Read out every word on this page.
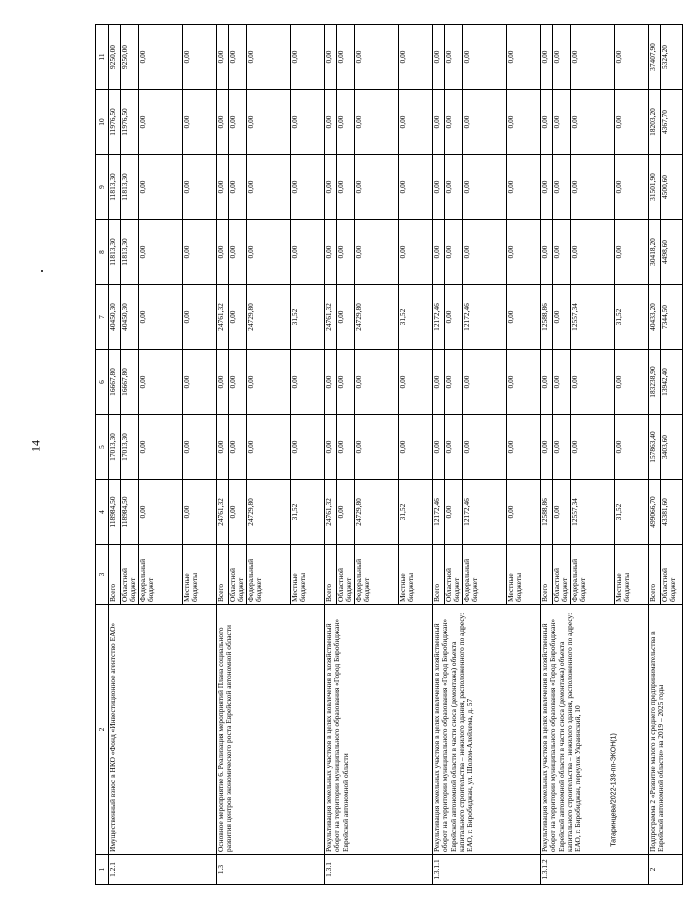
14
Татаринцева/2022-139-пп-ЭКОН(1)
1	2	3	4	5	6	7	8	9	10	11
1.2.1	Имущественный взнос в НКО «Фонд «Инвестиционное агентство ЕАО»	Всего	118984,50	17013,30	16667,80	40450,30	11813,30	11813,30	11976,50	9250,00
		Областной бюджет	118984,50	17013,30	16667,80	40450,30	11813,30	11813,30	11976,50	9250,00
		Федеральный бюджет	0,00	0,00	0,00	0,00	0,00	0,00	0,00	0,00
		Местные бюджеты	0,00	0,00	0,00	0,00	0,00	0,00	0,00	0,00
1.3	Основное мероприятие 6. Реализация мероприятий Плана социального развития центров экономического роста Еврейской автономной области	Всего	24761,32	0,00	0,00	24761,32	0,00	0,00	0,00	0,00
		Областной бюджет	0,00	0,00	0,00	0,00	0,00	0,00	0,00	0,00
		Федеральный бюджет	24729,80	0,00	0,00	24729,80	0,00	0,00	0,00	0,00
		Местные бюджеты	31,52	0,00	0,00	31,52	0,00	0,00	0,00	0,00
1.3.1	Рекультивация земельных участков в целях вовлечения в хозяйственный оборот на территории муниципального образования «Город Биробиджан» Еврейской автономной области	Всего	24761,32	0,00	0,00	24761,32	0,00	0,00	0,00	0,00
		Областной бюджет	0,00	0,00	0,00	0,00	0,00	0,00	0,00	0,00
		Федеральный бюджет	24729,80	0,00	0,00	24729,80	0,00	0,00	0,00	0,00
		Местные бюджеты	31,52	0,00	0,00	31,52	0,00	0,00	0,00	0,00
1.3.1.1	Рекультивация земельных участков в целях вовлечения в хозяйственный оборот на территории муниципального образования «Город Биробиджан» Еврейской автономной области в части сноса (демонтажа) объекта капитального строительства – нежилого здания, расположенного по адресу: ЕАО, г. Биробиджан, ул. Шолом-Алейхема, д. 57	Всего	12172,46	0,00	0,00	12172,46	0,00	0,00	0,00	0,00
		Областной бюджет	0,00	0,00	0,00	0,00	0,00	0,00	0,00	0,00
		Федеральный бюджет	12172,46	0,00	0,00	12172,46	0,00	0,00	0,00	0,00
		Местные бюджеты	0,00	0,00	0,00	0,00	0,00	0,00	0,00	0,00
1.3.1.2	Рекультивация земельных участков в целях вовлечения в хозяйственный оборот на территории муниципального образования «Город Биробиджан» Еврейской автономной области в части сноса (демонтажа) объекта капитального строительства – нежилого здания, расположенного по адресу: ЕАО, г. Биробиджан, переулок Украинский, 10	Всего	12588,86	0,00	0,00	12588,86	0,00	0,00	0,00	0,00
		Областной бюджет	0,00	0,00	0,00	0,00	0,00	0,00	0,00	0,00
		Федеральный бюджет	12557,34	0,00	0,00	12557,34	0,00	0,00	0,00	0,00
		Местные бюджеты	31,52	0,00	0,00	31,52	0,00	0,00	0,00	0,00
2	Подпрограмма 2 «Развитие малого и среднего предпринимательства в Еврейской автономной области» на 2019 – 2025 годы	Всего	499066,70	157863,40	183238,90	40433,20	30418,20	31501,90	18203,20	37407,90
		Областной бюджет	43381,60	3403,60	13942,40	7344,50	4498,60	4500,60	4367,70	5324,20
